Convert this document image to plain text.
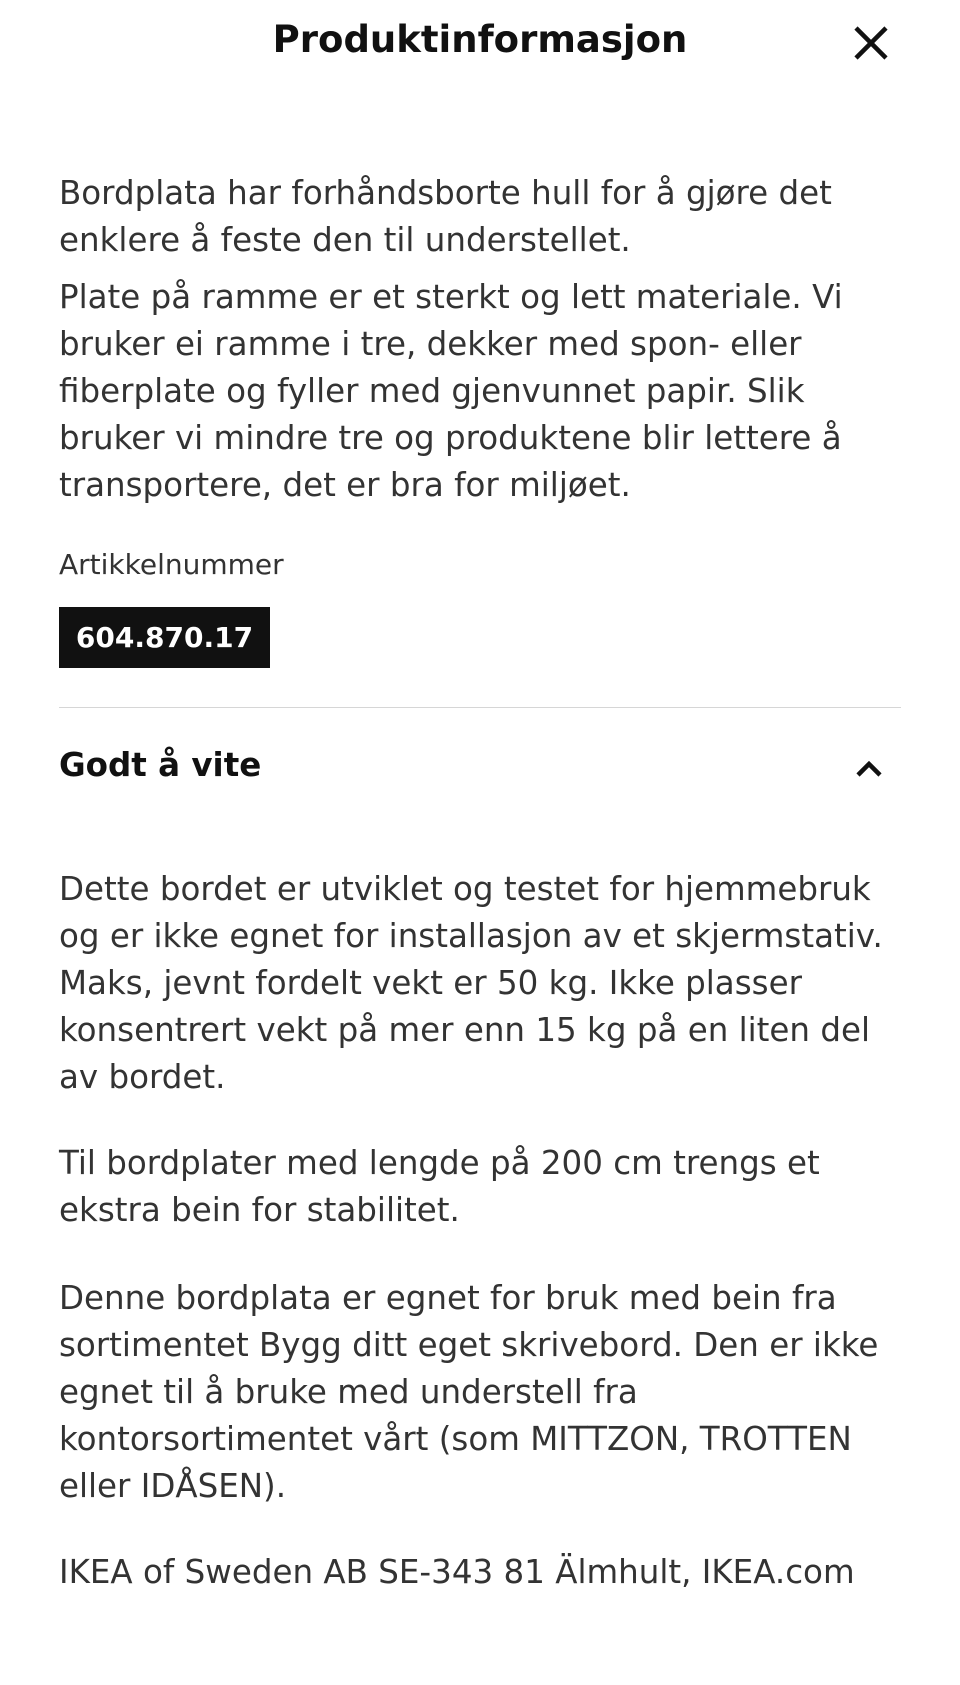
Produktinformasjon

Bordplata har forhåndsborte hull for å gjøre det enklere å feste den til understellet.

Plate på ramme er et sterkt og lett materiale. Vi bruker ei ramme i tre, dekker med spon- eller fiberplate og fyller med gjenvunnet papir. Slik bruker vi mindre tre og produktene blir lettere å transportere, det er bra for miljøet.

Artikkelnummer
604.870.17
Godt å vite

Dette bordet er utviklet og testet for hjemmebruk og er ikke egnet for installasjon av et skjermstativ. Maks, jevnt fordelt vekt er 50 kg. Ikke plasser konsentrert vekt på mer enn 15 kg på en liten del av bordet.

Til bordplater med lengde på 200 cm trengs et ekstra bein for stabilitet.

Denne bordplata er egnet for bruk med bein fra sortimentet Bygg ditt eget skrivebord. Den er ikke egnet til å bruke med understell fra kontorsortimentet vårt (som MITTZON, TROTTEN eller IDÅSEN).

IKEA of Sweden AB SE-343 81 Älmhult, IKEA.com
